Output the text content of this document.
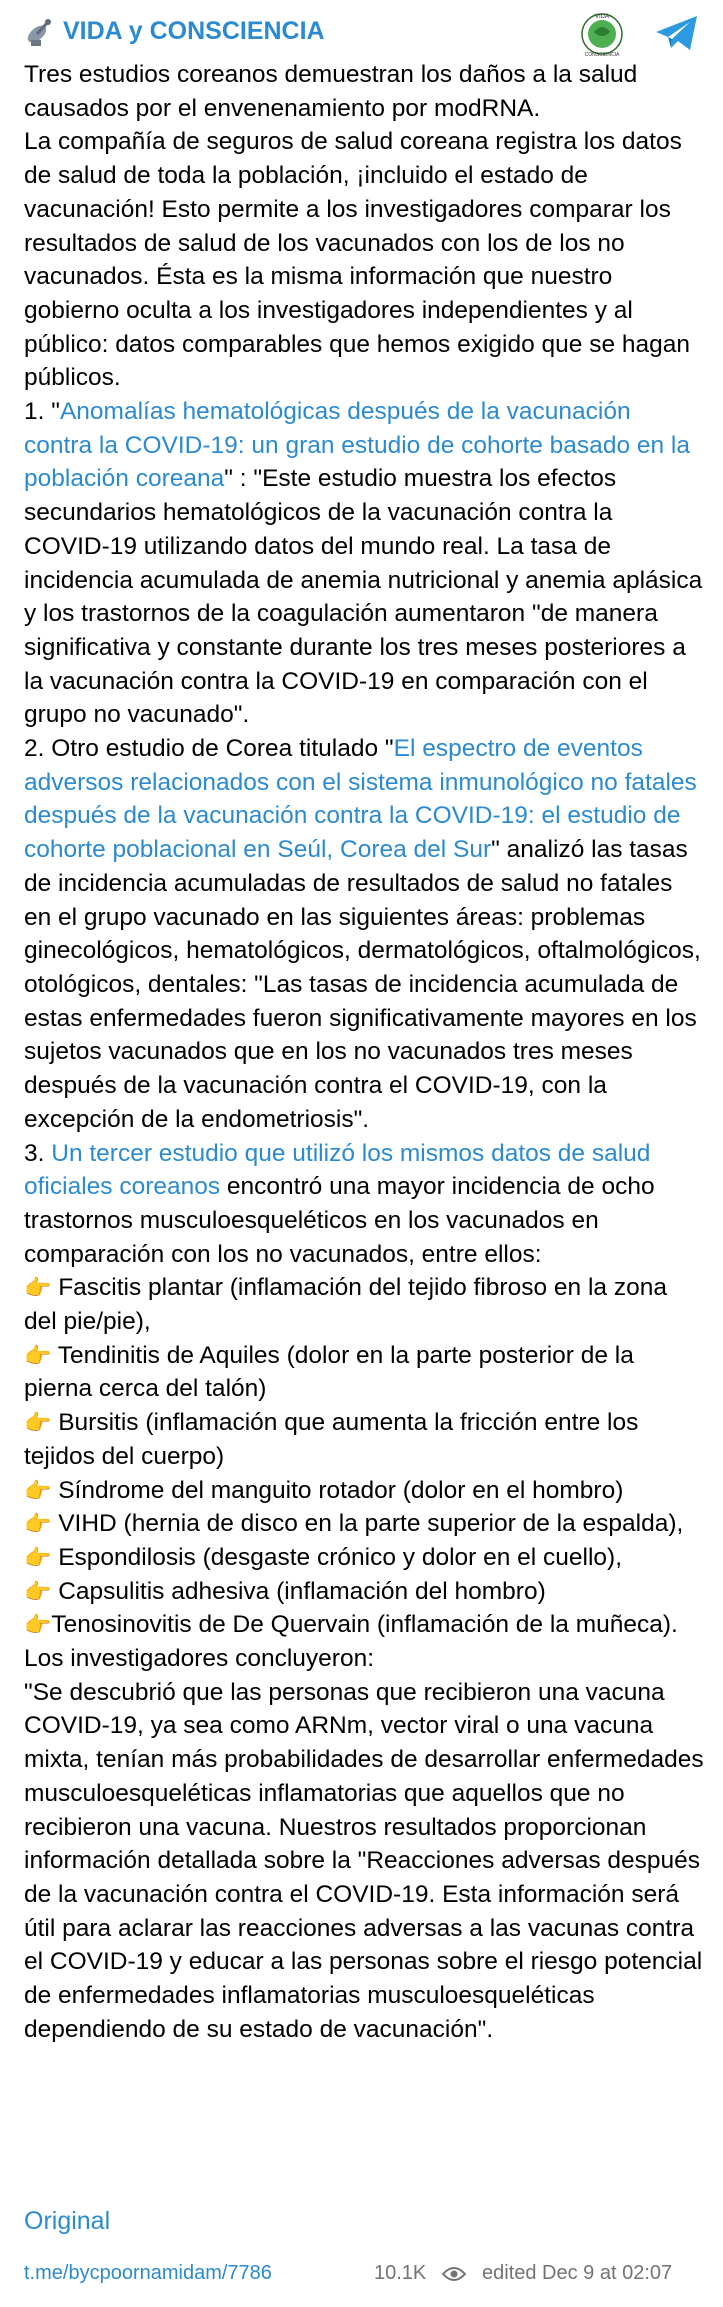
VIDA y CONSCIENCIA	VIDA
CONSCIENCIA
Tres estudios coreanos demuestran los daños a la salud causados por el envenenamiento por modRNA.
La compañía de seguros de salud coreana registra los datos de salud de toda la población, ¡incluido el estado de vacunación! Esto permite a los investigadores comparar los resultados de salud de los vacunados con los de los no vacunados. Ésta es la misma información que nuestro gobierno oculta a los investigadores independientes y al público: datos comparables que hemos exigido que se hagan públicos.
1. "Anomalías hematológicas después de la vacunación contra la COVID-19: un gran estudio de cohorte basado en la población coreana" : "Este estudio muestra los efectos secundarios hematológicos de la vacunación contra la COVID-19 utilizando datos del mundo real. La tasa de incidencia acumulada de anemia nutricional y anemia aplásica y los trastornos de la coagulación aumentaron "de manera significativa y constante durante los tres meses posteriores a la vacunación contra la COVID-19 en comparación con el grupo no vacunado".
2. Otro estudio de Corea titulado "El espectro de eventos adversos relacionados con el sistema inmunológico no fatales después de la vacunación contra la COVID-19: el estudio de cohorte poblacional en Seúl, Corea del Sur" analizó las tasas de incidencia acumuladas de resultados de salud no fatales en el grupo vacunado en las siguientes áreas: problemas ginecológicos, hematológicos, dermatológicos, oftalmológicos, otológicos, dentales: "Las tasas de incidencia acumulada de estas enfermedades fueron significativamente mayores en los sujetos vacunados que en los no vacunados tres meses después de la vacunación contra el COVID-19, con la excepción de la endometriosis".
3. Un tercer estudio que utilizó los mismos datos de salud oficiales coreanos encontró una mayor incidencia de ocho trastornos musculoesqueléticos en los vacunados en comparación con los no vacunados, entre ellos:
👉 Fascitis plantar (inflamación del tejido fibroso en la zona del pie/pie),
👉 Tendinitis de Aquiles (dolor en la parte posterior de la pierna cerca del talón)
👉 Bursitis (inflamación que aumenta la fricción entre los tejidos del cuerpo)
👉 Síndrome del manguito rotador (dolor en el hombro)
👉 VIHD (hernia de disco en la parte superior de la espalda),
👉 Espondilosis (desgaste crónico y dolor en el cuello),
👉 Capsulitis adhesiva (inflamación del hombro)
👉Tenosinovitis de De Quervain (inflamación de la muñeca).
Los investigadores concluyeron:
"Se descubrió que las personas que recibieron una vacuna COVID-19, ya sea como ARNm, vector viral o una vacuna mixta, tenían más probabilidades de desarrollar enfermedades musculoesqueléticas inflamatorias que aquellos que no recibieron una vacuna. Nuestros resultados proporcionan información detallada sobre la "Reacciones adversas después de la vacunación contra el COVID-19. Esta información será útil para aclarar las reacciones adversas a las vacunas contra el COVID-19 y educar a las personas sobre el riesgo potencial de enfermedades inflamatorias musculoesqueléticas dependiendo de su estado de vacunación".
Original
t.me/bycpoornamidam/7786	10.1K	edited Dec 9 at 02:07
